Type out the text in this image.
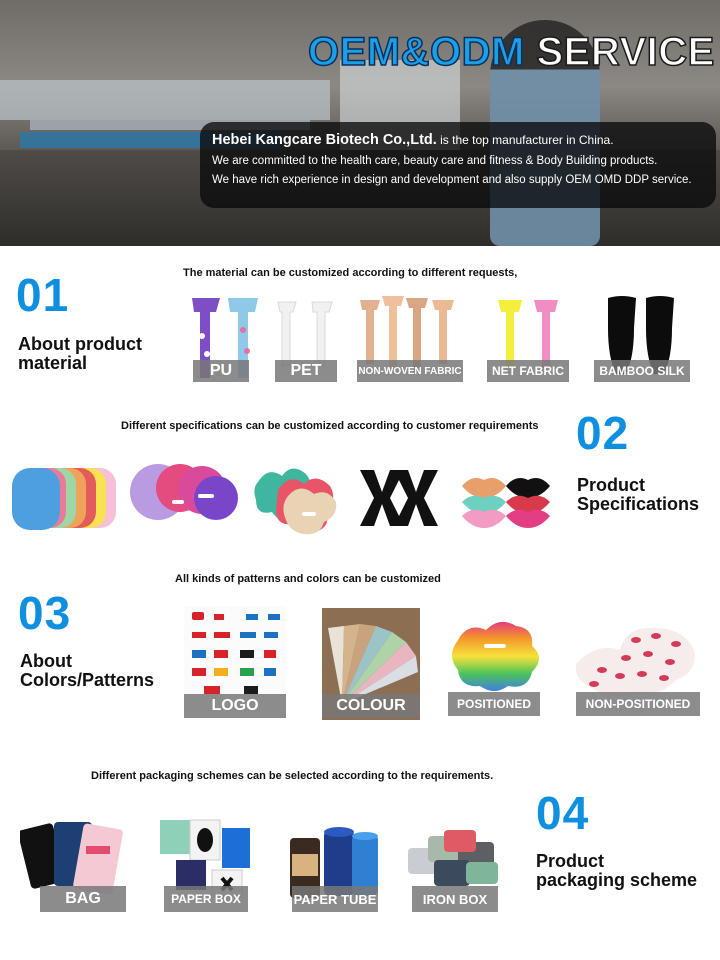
OEM&ODM SERVICE
Hebei Kangcare Biotech Co.,Ltd. is the top manufacturer in China.
We are committed to the health care, beauty care and fitness & Body Building products.
We have rich experience in design and development and also supply OEM OMD DDP service.
01
About product
material
The material can be customized according to different requests,
PU	PET	NON-WOVEN FABRIC	NET FABRIC	BAMBOO SILK
Different specifications can be customized according to customer requirements 02
Product
Specifications
03
About
Colors/Patterns
All kinds of patterns and colors can be customized
LOGO	COLOUR	POSITIONED	NON-POSITIONED
Different packaging schemes can be selected according to the requirements.
04
Product
packaging scheme
BAG	PAPER BOX	PAPER TUBE	IRON BOX
